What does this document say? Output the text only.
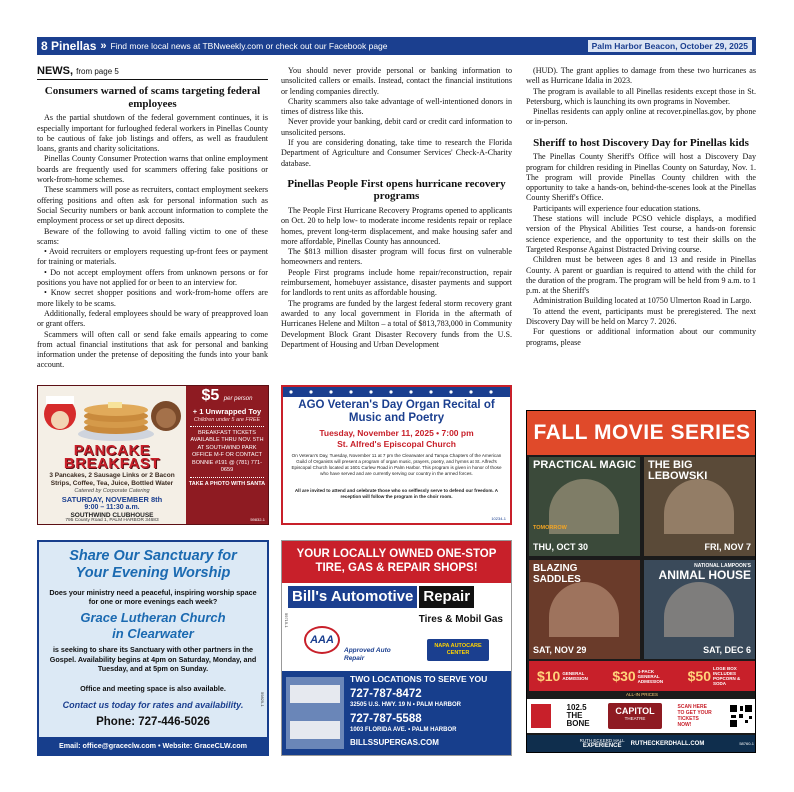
8 Pinellas » Find more local news at TBNweekly.com or check out our Facebook page	Palm Harbor Beacon, October 29, 2025
NEWS, from page 5
Consumers warned of scams targeting federal employees

As the partial shutdown of the federal government continues, it is especially important for furloughed federal workers in Pinellas County to be cautious of fake job listings and offers, as well as fraudulent loans, grants and charity solicitations.

Pinellas County Consumer Protection warns that online employment boards are frequently used for scammers offering fake positions or work-from-home schemes.

These scammers will pose as recruiters, contact employment seekers offering positions and often ask for personal information such as Social Security numbers or bank account information to complete the employment process or set up direct deposits.

Beware of the following to avoid falling victim to one of these scams:

• Avoid recruiters or employers requesting up-front fees or payment for training or materials.

• Do not accept employment offers from unknown persons or for positions you have not applied for or been to an interview for.

• Know secret shopper positions and work-from-home offers are more likely to be scams.

Additionally, federal employees should be wary of preapproved loan or grant offers.

Scammers will often call or send fake emails appearing to come from actual financial institutions that ask for personal and banking information under the pretense of depositing the funds into your bank account.

You should never provide personal or banking information to unsolicited callers or emails. Instead, contact the financial institutions or lending companies directly.

Charity scammers also take advantage of well-intentioned donors in times of distress like this.

Never provide your banking, debit card or credit card information to unsolicited persons.

If you are considering donating, take time to research the Florida Department of Agriculture and Consumer Services' Check-A-Charity database.

Pinellas People First opens hurricane recovery programs

The People First Hurricane Recovery Programs opened to applicants on Oct. 20 to help low- to moderate income residents repair or replace homes, prevent long-term displacement, and make housing safer and more affordable, Pinellas County has announced.

The $813 million disaster program will focus first on vulnerable homeowners and renters.

People First programs include home repair/reconstruction, repair reimbursement, homebuyer assistance, disaster payments and support for landlords to rent units as affordable housing.

The programs are funded by the largest federal storm recovery grant awarded to any local government in Florida in the aftermath of Hurricanes Helene and Milton – a total of $813,783,000 in Community Development Block Grant Disaster Recovery funds from the U.S. Department of Housing and Urban Development

(HUD). The grant applies to damage from these two hurricanes as well as Hurricane Idalia in 2023.

The program is available to all Pinellas residents except those in St. Petersburg, which is launching its own programs in November.

Pinellas residents can apply online at recover.pinellas.gov, by phone or in-person.

Sheriff to host Discovery Day for Pinellas kids

The Pinellas County Sheriff's Office will host a Discovery Day program for children residing in Pinellas County on Saturday, Nov. 1. The program will provide Pinellas County children with the opportunity to take a hands-on, behind-the-scenes look at the Pinellas County Sheriff's Office.

Participants will experience four education stations.

These stations will include PCSO vehicle displays, a modified version of the Physical Abilities Test course, a hands-on forensic science experience, and the opportunity to test their skills on the Targeted Response Against Distracted Driving course.

Children must be between ages 8 and 13 and reside in Pinellas County. A parent or guardian is required to attend with the child for the duration of the program. The program will be held from 9 a.m. to 1 p.m. at the Sheriff's

Administration Building located at 10750 Ulmerton Road in Largo.

To attend the event, participants must be preregistered. The next Discovery Day will be held on Marcy 7. 2026.

For questions or additional information about our community programs, please

PANCAKE
BREAKFAST
3 Pancakes, 2 Sausage Links or 2 Bacon Strips, Coffee, Tea, Juice, Bottled Water
Catered by Corporate Catering
SATURDAY, NOVEMBER 8th
9:00 – 11:30 a.m.
SOUTHWIND CLUBHOUSE
795 County Road 1, PALM HARBOR 34683
$5 per person
+ 1 Unwrapped Toy
Children under 5 are FREE
BREAKFAST TICKETS AVAILABLE THRU NOV. 5TH AT SOUTHWIND PARK OFFICE M-F OR CONTACT BONNIE #191 @ (781) 771-0659
TAKE A PHOTO WITH SANTA
59832-1
AGO Veteran's Day Organ Recital of Music and Poetry
Tuesday, November 11, 2025 • 7:00 pm
St. Alfred's Episcopal Church
On Veteran's Day, Tuesday, November 11 at 7 pm the Clearwater and Tampa Chapters of the American Guild of Organists will present a program of organ music, prayers, poetry, and hymns at St. Alfred's Episcopal Church located at 1601 Curlew Road in Palm Harbor. This program is given in honor of those who have served and are currently serving our country in the armed forces.
All are invited to attend and celebrate those who so selflessly serve to defend our freedom. A reception will follow the program in the choir room.
10234-1
FALL MOVIE SERIES
TOMORROW
PRACTICAL MAGIC
THU, OCT 30
THE BIG LEBOWSKI
FRI, NOV 7
BLAZING SADDLES
SAT, NOV 29
NATIONAL LAMPOON'S
ANIMAL HOUSE
SAT, DEC 6
$10 GENERAL ADMISSION	$30 4-PACK GENERAL ADMISSION	$50 LOGE BOX INCLUDES POPCORN & SODA
ALL-IN PRICES
102.5 THE BONE
CAPITOL
THEATRE
SCAN HERE TO GET YOUR TICKETS NOW!
RUTH ECKERD HALL
EXPERIENCE	RUTHECKERDHALL.COM	58760-1
Share Our Sanctuary for
Your Evening Worship
Does your ministry need a peaceful, inspiring worship space for one or more evenings each week?
Grace Lutheran Church
in Clearwater
is seeking to share its Sanctuary with other partners in the Gospel. Availability begins at 4pm on Saturday, Monday, and Tuesday, and at 5pm on Sunday.
Office and meeting space is also available.
Contact us today for rates and availability.
Phone: 727-446-5026
Email: office@graceclw.com • Website: GraceCLW.com
59829-1
YOUR LOCALLY OWNED ONE-STOP TIRE, GAS & REPAIR SHOPS!
Bill's Automotive Repair
Tires & Mobil Gas
AAA
Approved Auto Repair
NAPA AUTOCARE CENTER
TWO LOCATIONS TO SERVE YOU
727-787-8472
32505 U.S. HWY. 19 N • PALM HARBOR
727-787-5588
1003 FLORIDA AVE. • PALM HARBOR
BILLSSUPERGAS.COM
59715-1
